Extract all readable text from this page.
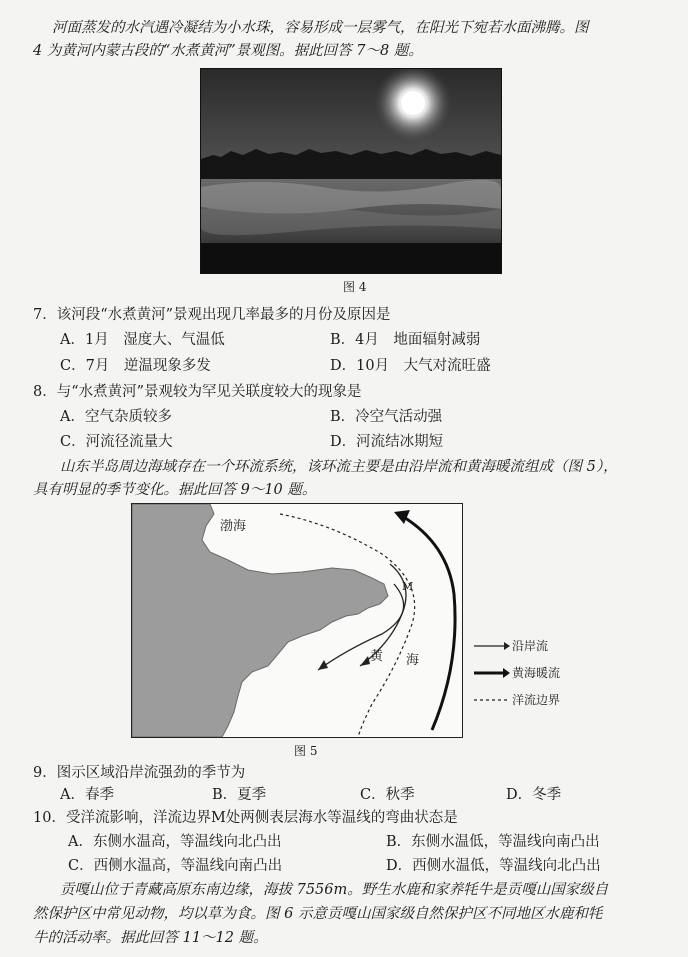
河面蒸发的水汽遇冷凝结为小水珠，容易形成一层雾气，在阳光下宛若水面沸腾。图
4 为黄河内蒙古段的“水煮黄河”景观图。据此回答 7～8 题。
图 4
7．该河段“水煮黄河”景观出现几率最多的月份及原因是
A．1月　湿度大、气温低	B．4月　地面辐射减弱
C．7月　逆温现象多发	D．10月　大气对流旺盛
8．与“水煮黄河”景观较为罕见关联度较大的现象是
A．空气杂质较多	B．冷空气活动强
C．河流径流量大	D．河流结冰期短
山东半岛周边海域存在一个环流系统，该环流主要是由沿岸流和黄海暖流组成（图 5），
具有明显的季节变化。据此回答 9～10 题。
渤海
M
黄 海
沿岸流
黄海暖流
洋流边界
图 5
9．图示区域沿岸流强劲的季节为
A．春季	B．夏季	C．秋季	D．冬季
10．受洋流影响，洋流边界M处两侧表层海水等温线的弯曲状态是
A．东侧水温高，等温线向北凸出	B．东侧水温低，等温线向南凸出
C．西侧水温高，等温线向南凸出	D．西侧水温低，等温线向北凸出
贡嘎山位于青藏高原东南边缘，海拔 7556m。野生水鹿和家养牦牛是贡嘎山国家级自
然保护区中常见动物，均以草为食。图 6 示意贡嘎山国家级自然保护区不同地区水鹿和牦
牛的活动率。据此回答 11～12 题。
